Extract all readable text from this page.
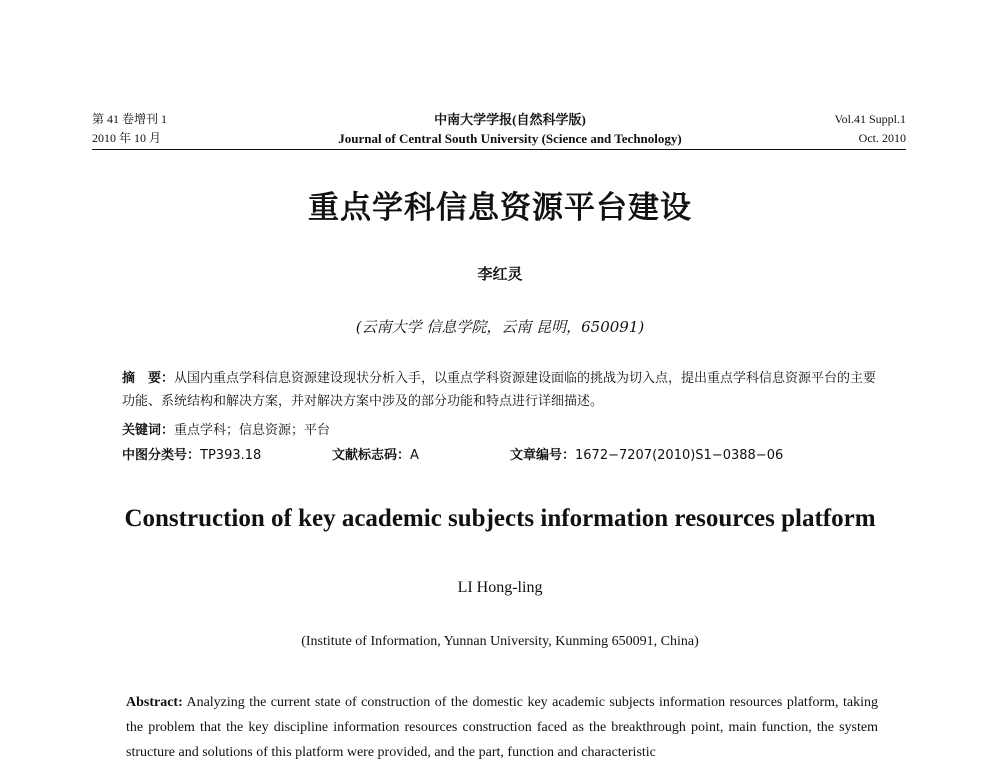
第 41 卷增刊 1
2010 年 10 月
中南大学学报(自然科学版)
Journal of Central South University (Science and Technology)
Vol.41 Suppl.1
Oct. 2010
重点学科信息资源平台建设
李红灵
(云南大学 信息学院，云南 昆明，650091)
摘　要：从国内重点学科信息资源建设现状分析入手，以重点学科资源建设面临的挑战为切入点，提出重点学科信息资源平台的主要功能、系统结构和解决方案，并对解决方案中涉及的部分功能和特点进行详细描述。
关键词：重点学科；信息资源；平台
中图分类号：TP393.18	文献标志码：A	文章编号：1672−7207(2010)S1−0388−06
Construction of key academic subjects information resources platform
LI Hong-ling
(Institute of Information, Yunnan University, Kunming 650091, China)
Abstract: Analyzing the current state of construction of the domestic key academic subjects information resources platform, taking the problem that the key discipline information resources construction faced as the breakthrough point, main function, the system structure and solutions of this platform were provided, and the part, function and characteristic
